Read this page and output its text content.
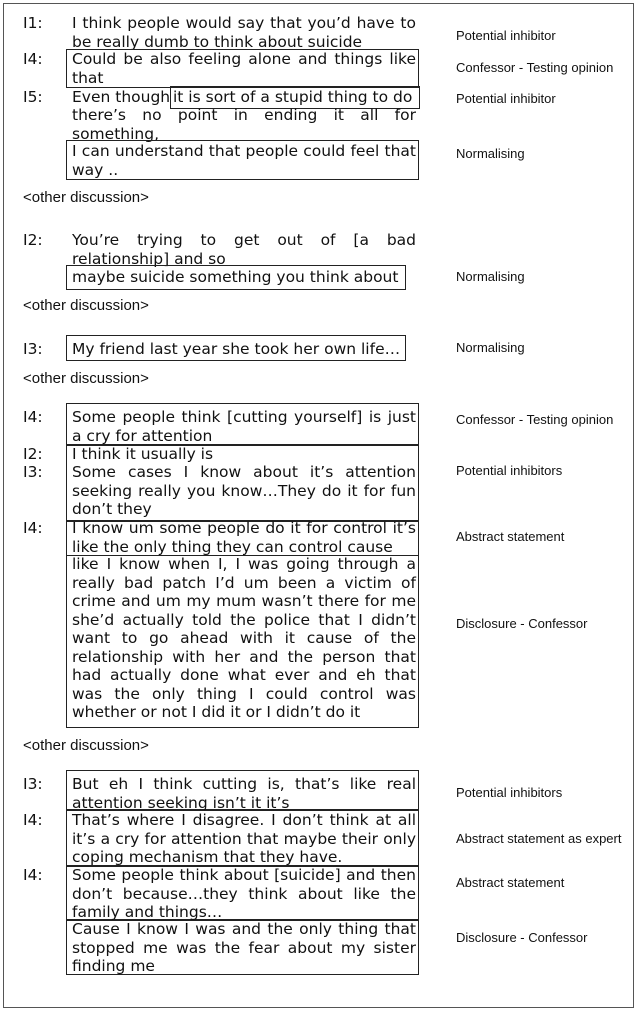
I1: I think people would say that you’d have to be really dumb to think about suicide
I4: Could be also feeling alone and things like that
I5: Even though it is sort of a stupid thing to do
there’s no point in ending it all for something,
I can understand that people could feel that way ..
Potential inhibitor
Confessor - Testing opinion
Potential inhibitor
Normalising
<other discussion>
I2: You’re trying to get out of [a bad relationship] and so
maybe suicide something you think about	Normalising
<other discussion>
I3: My friend last year she took her own life…	Normalising
<other discussion>
I4: Some people think [cutting yourself] is just a cry for attention
I2: I think it usually is
I3: Some cases I know about it’s attention seeking really you know…They do it for fun don’t they
I4: I know um some people do it for control it’s like the only thing they can control cause
like I know when I, I was going through a really bad patch I’d um been a victim of crime and um my mum wasn’t there for me she’d actually told the police that I didn’t want to go ahead with it cause of the relationship with her and the person that had actually done what ever and eh that was the only thing I could control was whether or not I did it or I didn’t do it
Confessor - Testing opinion
Potential inhibitors
Abstract statement
Disclosure - Confessor
<other discussion>
I3: But eh I think cutting is, that’s like real attention seeking isn’t it it’s
I4: That’s where I disagree. I don’t think at all it’s a cry for attention that maybe their only coping mechanism that they have.
I4: Some people think about [suicide] and then don’t because…they think about like the family and things…
Cause I know I was and the only thing that stopped me was the fear about my sister finding me
Potential inhibitors
Abstract statement as expert
Abstract statement
Disclosure - Confessor
